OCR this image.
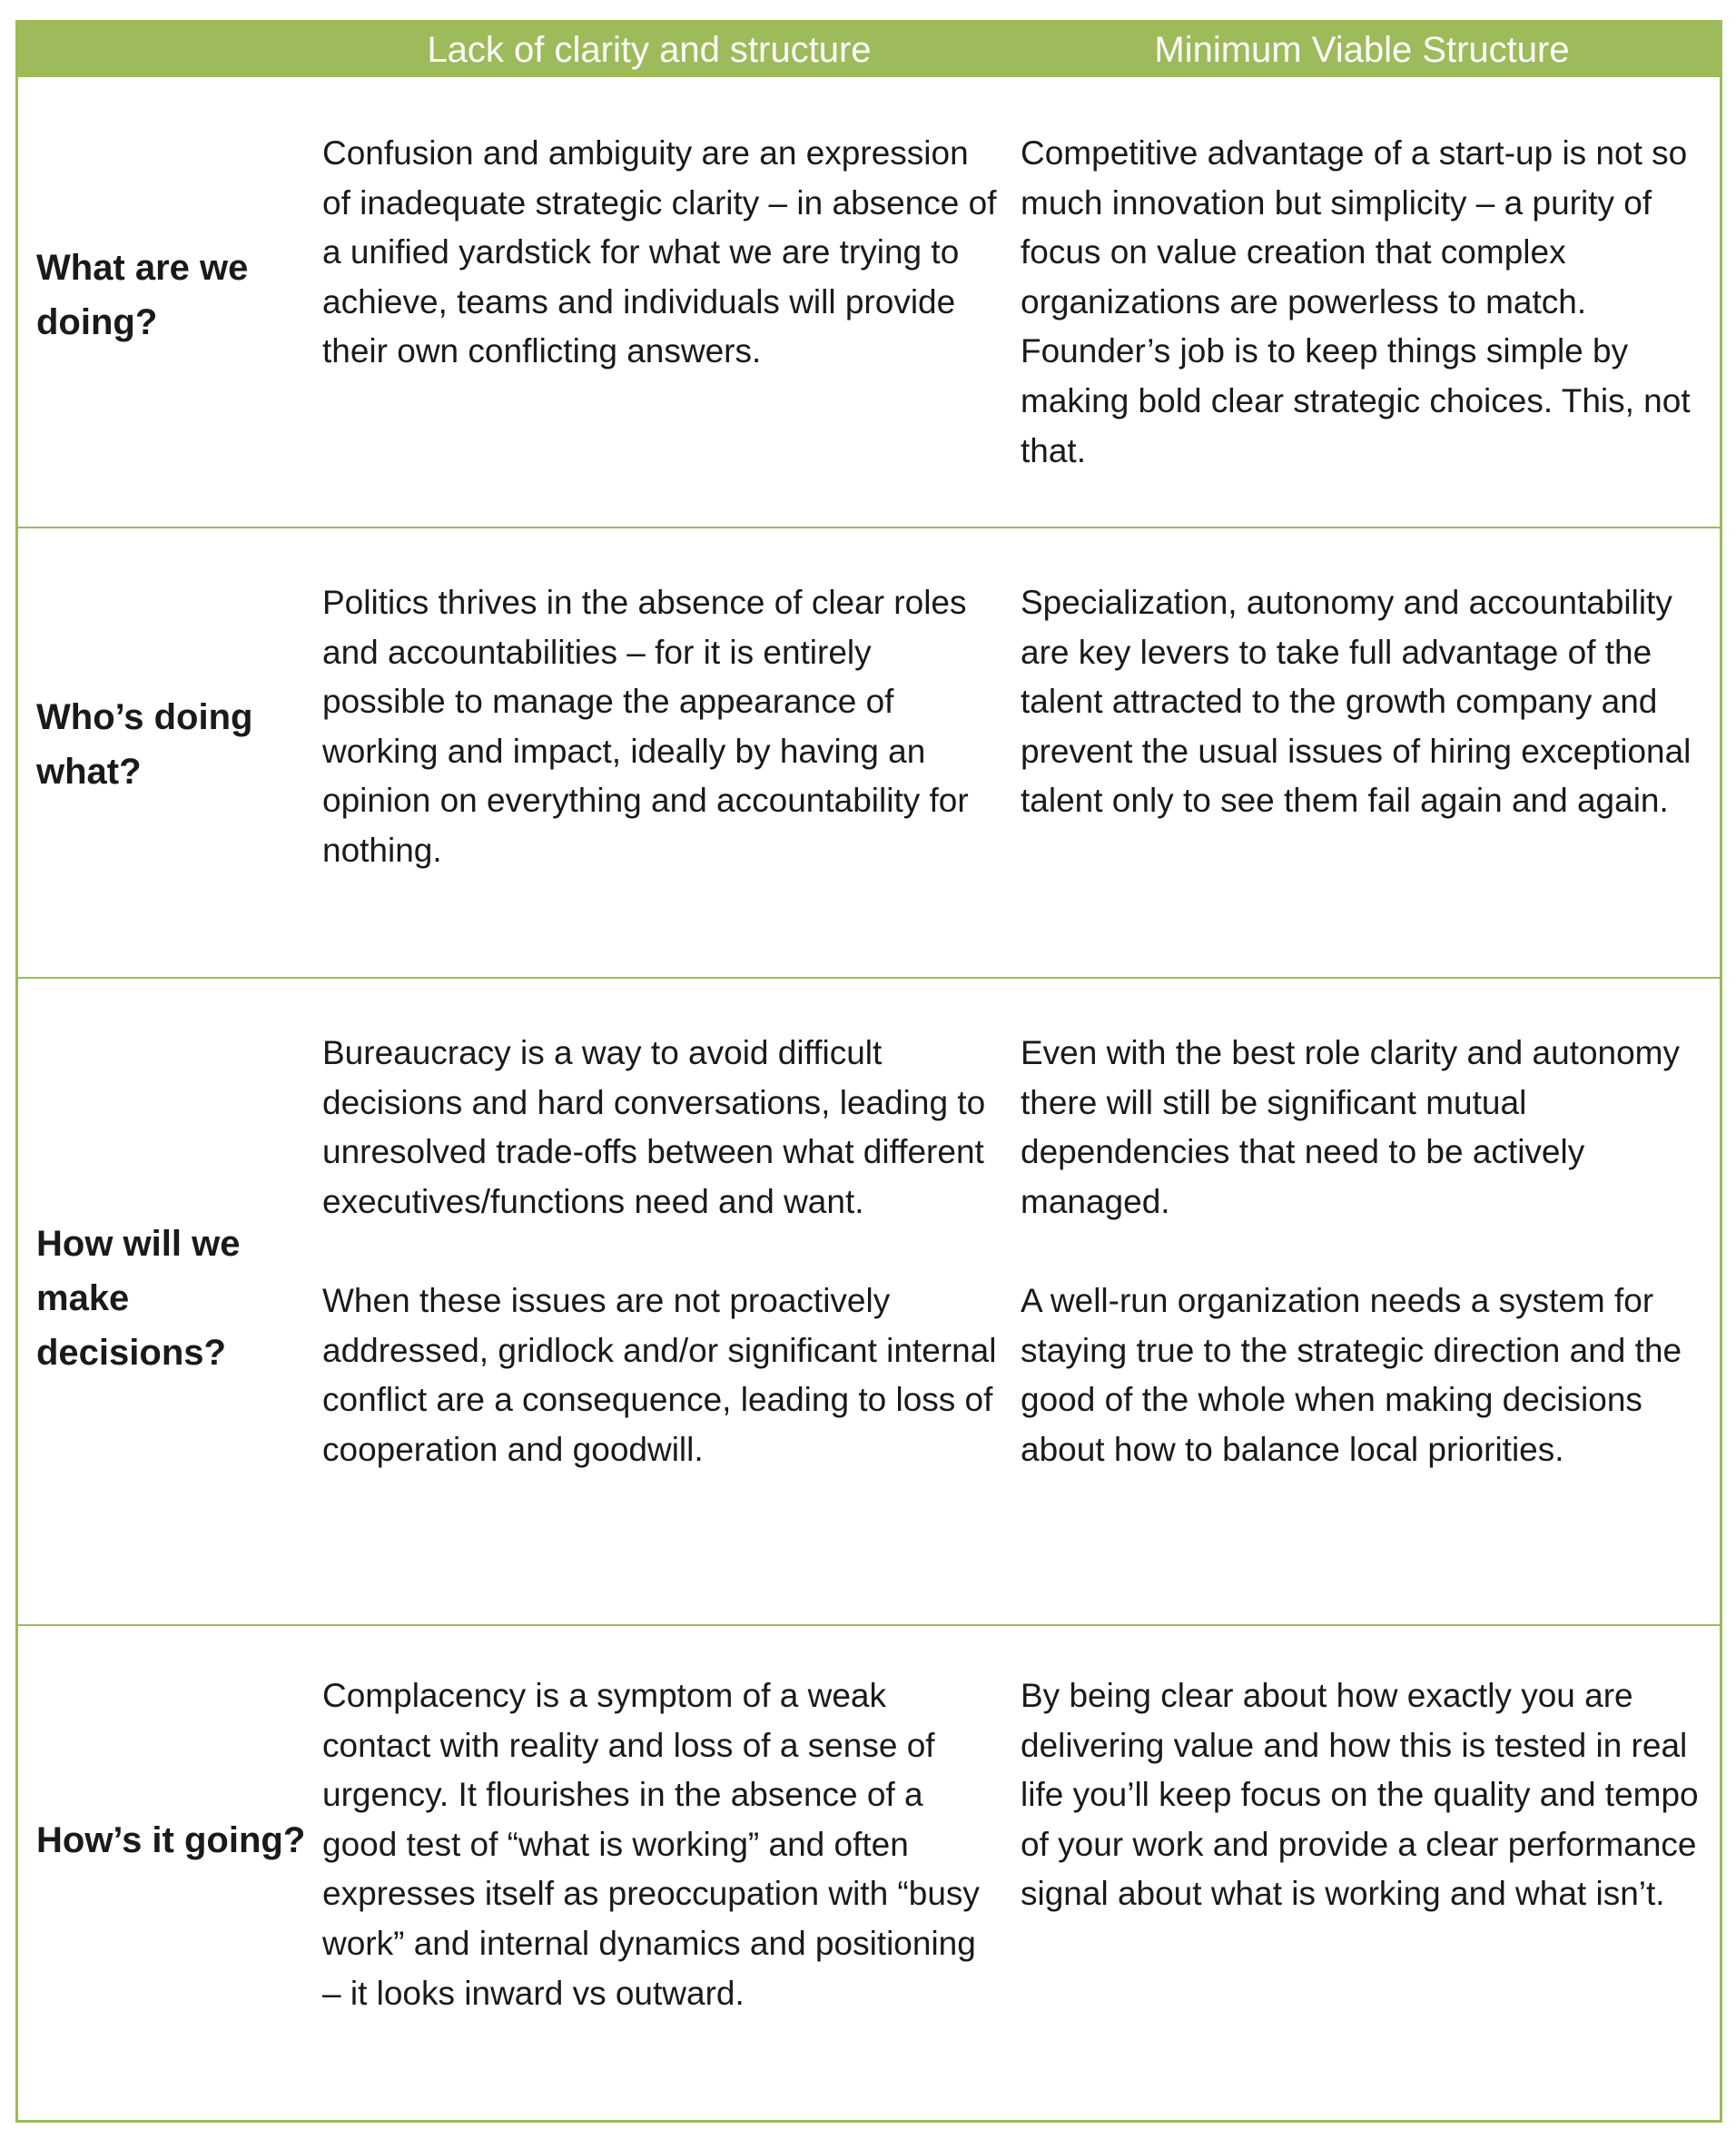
Lack of clarity and structure	Minimum Viable Structure
What are we doing?

Confusion and ambiguity are an expression of inadequate strategic clarity – in absence of a unified yardstick for what we are trying to achieve, teams and individuals will provide their own conflicting answers.

Competitive advantage of a start-up is not so much innovation but simplicity – a purity of focus on value creation that complex organizations are powerless to match. Founder’s job is to keep things simple by making bold clear strategic choices. This, not that.

Who’s doing what?

Politics thrives in the absence of clear roles and accountabilities – for it is entirely possible to manage the appearance of working and impact, ideally by having an opinion on everything and accountability for nothing.

Specialization, autonomy and accountability are key levers to take full advantage of the talent attracted to the growth company and prevent the usual issues of hiring exceptional talent only to see them fail again and again.

How will we make decisions?

Bureaucracy is a way to avoid difficult decisions and hard conversations, leading to unresolved trade-offs between what different executives/functions need and want.

When these issues are not proactively addressed, gridlock and/or significant internal conflict are a consequence, leading to loss of cooperation and goodwill.

Even with the best role clarity and autonomy there will still be significant mutual dependencies that need to be actively managed.

A well-run organization needs a system for staying true to the strategic direction and the good of the whole when making decisions about how to balance local priorities.

How’s it going?

Complacency is a symptom of a weak contact with reality and loss of a sense of urgency. It flourishes in the absence of a good test of “what is working” and often expresses itself as preoccupation with “busy work” and internal dynamics and positioning – it looks inward vs outward.

By being clear about how exactly you are delivering value and how this is tested in real life you’ll keep focus on the quality and tempo of your work and provide a clear performance signal about what is working and what isn’t.
